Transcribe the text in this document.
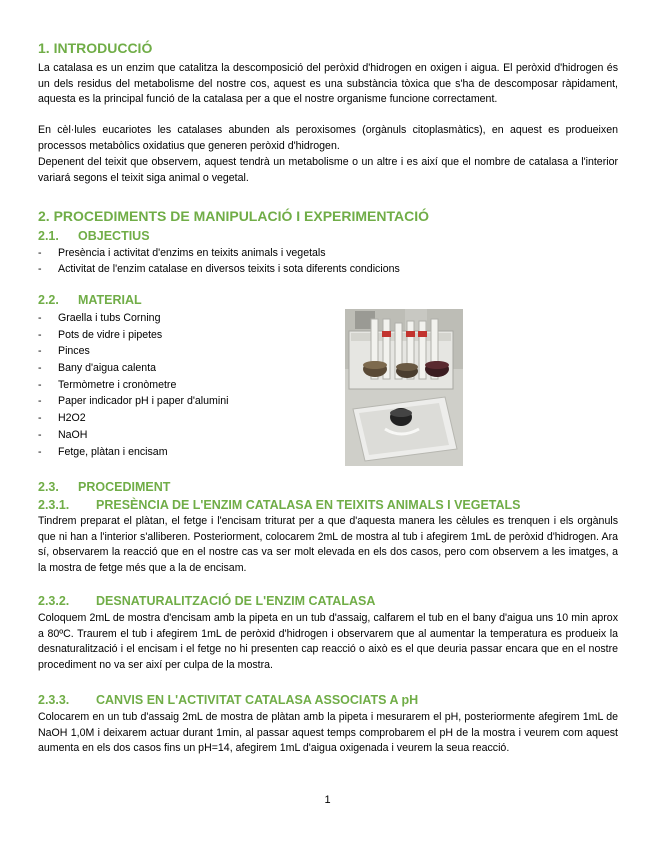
1. INTRODUCCIÓ

La catalasa es un enzim que catalitza la descomposició del peròxid d'hidrogen en oxigen i aigua. El peròxid d'hidrogen és un dels residus del metabolisme del nostre cos, aquest es una substància tòxica que s'ha de descomposar ràpidament, aquesta es la principal funció de la catalasa per a que el nostre organisme funcione correctament.

En cèl·lules eucariotes les catalases abunden als peroxisomes (orgànuls citoplasmàtics), en aquest es produeixen processos metabòlics oxidatius que generen peròxid d'hidrogen.

Depenent del teixit que observem, aquest tendrà un metabolisme o un altre i es així que el nombre de catalasa a l'interior variará segons el teixit siga animal o vegetal.

2. PROCEDIMENTS DE MANIPULACIÓ I EXPERIMENTACIÓ
2.1. OBJECTIUS
- Presència i activitat d'enzims en teixits animals i vegetals
- Activitat de l'enzim catalase en diversos teixits i sota diferents condicions
2.2. MATERIAL
- Graella i tubs Corning
- Pots de vidre i pipetes
- Pinces
- Bany d'aigua calenta
- Termòmetre i cronòmetre
- Paper indicador pH i paper d'alumini
- H2O2
- NaOH
- Fetge, plàtan i encisam
2.3. PROCEDIMENT
2.3.1. PRESÈNCIA DE L'ENZIM CATALASA EN TEIXITS ANIMALS I VEGETALS

Tindrem preparat el plàtan, el fetge i l'encisam triturat per a que d'aquesta manera les cèlules es trenquen i els orgànuls que ni han a l'interior s'alliberen. Posteriorment, colocarem 2mL de mostra al tub i afegirem 1mL de peròxid d'hidrogen. Ara sí, observarem la reacció que en el nostre cas va ser molt elevada en els dos casos, pero com observem a les imatges, a la mostra de fetge més que a la de encisam.

2.3.2. DESNATURALITZACIÓ DE L'ENZIM CATALASA

Coloquem 2mL de mostra d'encisam amb la pipeta en un tub d'assaig, calfarem el tub en el bany d'aigua uns 10 min aprox a 80ºC. Traurem el tub i afegirem 1mL de peròxid d'hidrogen i observarem que al aumentar la temperatura es produeix la desnaturalització i el encisam i el fetge no hi presenten cap reacció o això es el que deuria passar encara que en el nostre procediment no va ser així per culpa de la mostra.

2.3.3. CANVIS EN L'ACTIVITAT CATALASA ASSOCIATS A pH

Colocarem en un tub d'assaig 2mL de mostra de plàtan amb la pipeta i mesurarem el pH, posteriormente afegirem 1mL de NaOH 1,0M i deixarem actuar durant 1min, al passar aquest temps comprobarem el pH de la mostra i veurem com aquest aumenta en els dos casos fins un pH=14, afegirem 1mL d'aigua oxigenada i veurem la seua reacció.

1
